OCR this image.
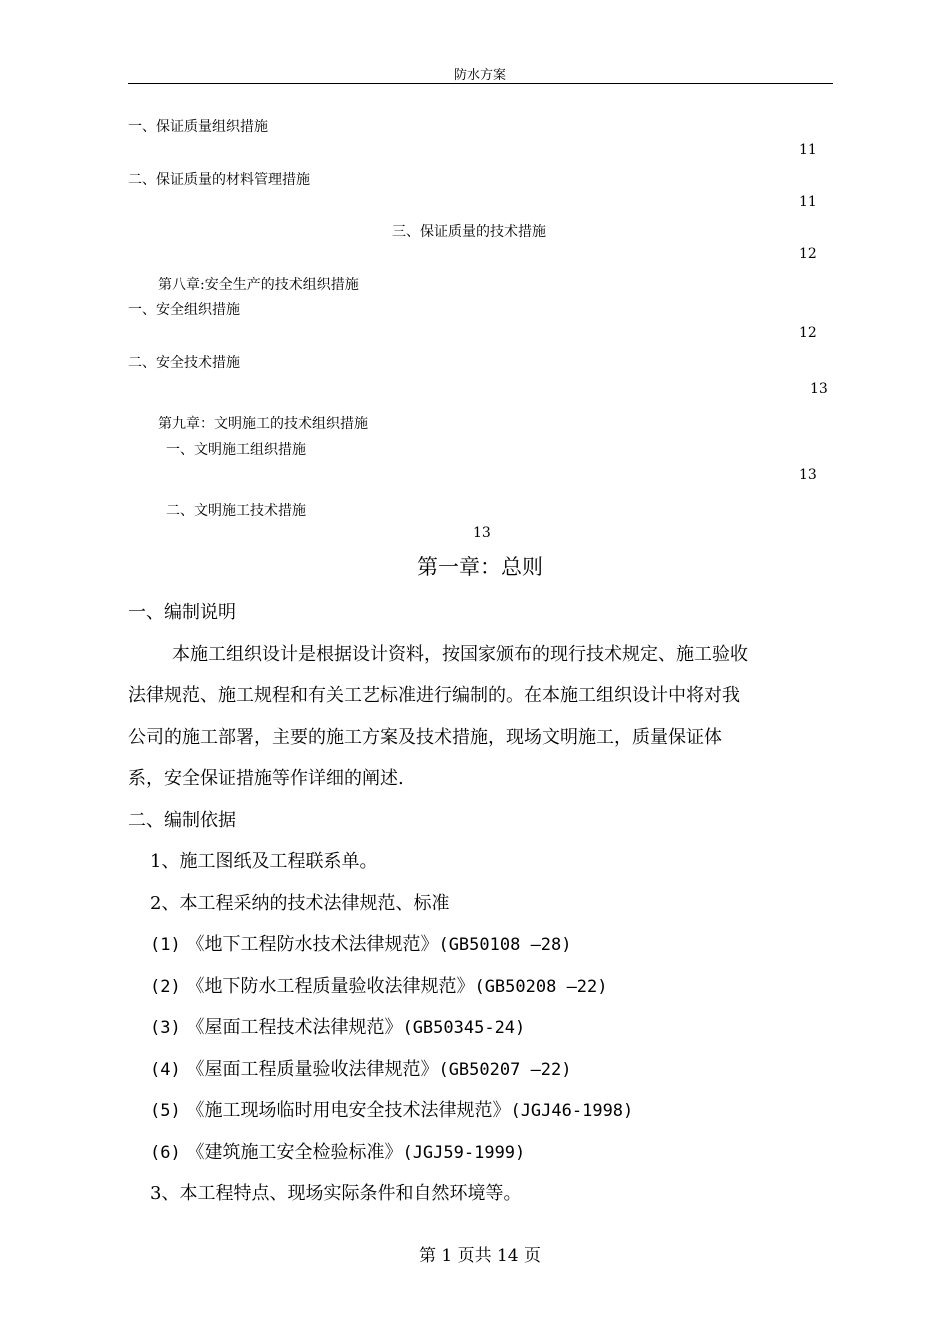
防水方案
一、保证质量组织措施
11
二、保证质量的材料管理措施
11
三、保证质量的技术措施
12
第八章:安全生产的技术组织措施
一、安全组织措施
12
二、安全技术措施
13
第九章：文明施工的技术组织措施
一、文明施工组织措施
13
二、文明施工技术措施
13
第一章：总则
一、编制说明
本施工组织设计是根据设计资料，按国家颁布的现行技术规定、施工验收
法律规范、施工规程和有关工艺标准进行编制的。在本施工组织设计中将对我
公司的施工部署，主要的施工方案及技术措施，现场文明施工，质量保证体
系，安全保证措施等作详细的阐述.
二、编制依据
1、施工图纸及工程联系单。
2、本工程采纳的技术法律规范、标准
(1) 《地下工程防水技术法律规范》(GB50108 —28)
(2) 《地下防水工程质量验收法律规范》(GB50208 —22)
(3) 《屋面工程技术法律规范》(GB50345-24)
(4) 《屋面工程质量验收法律规范》(GB50207 —22)
(5) 《施工现场临时用电安全技术法律规范》(JGJ46-1998)
(6) 《建筑施工安全检验标准》(JGJ59-1999)
3、本工程特点、现场实际条件和自然环境等。
第 1 页共 14 页
